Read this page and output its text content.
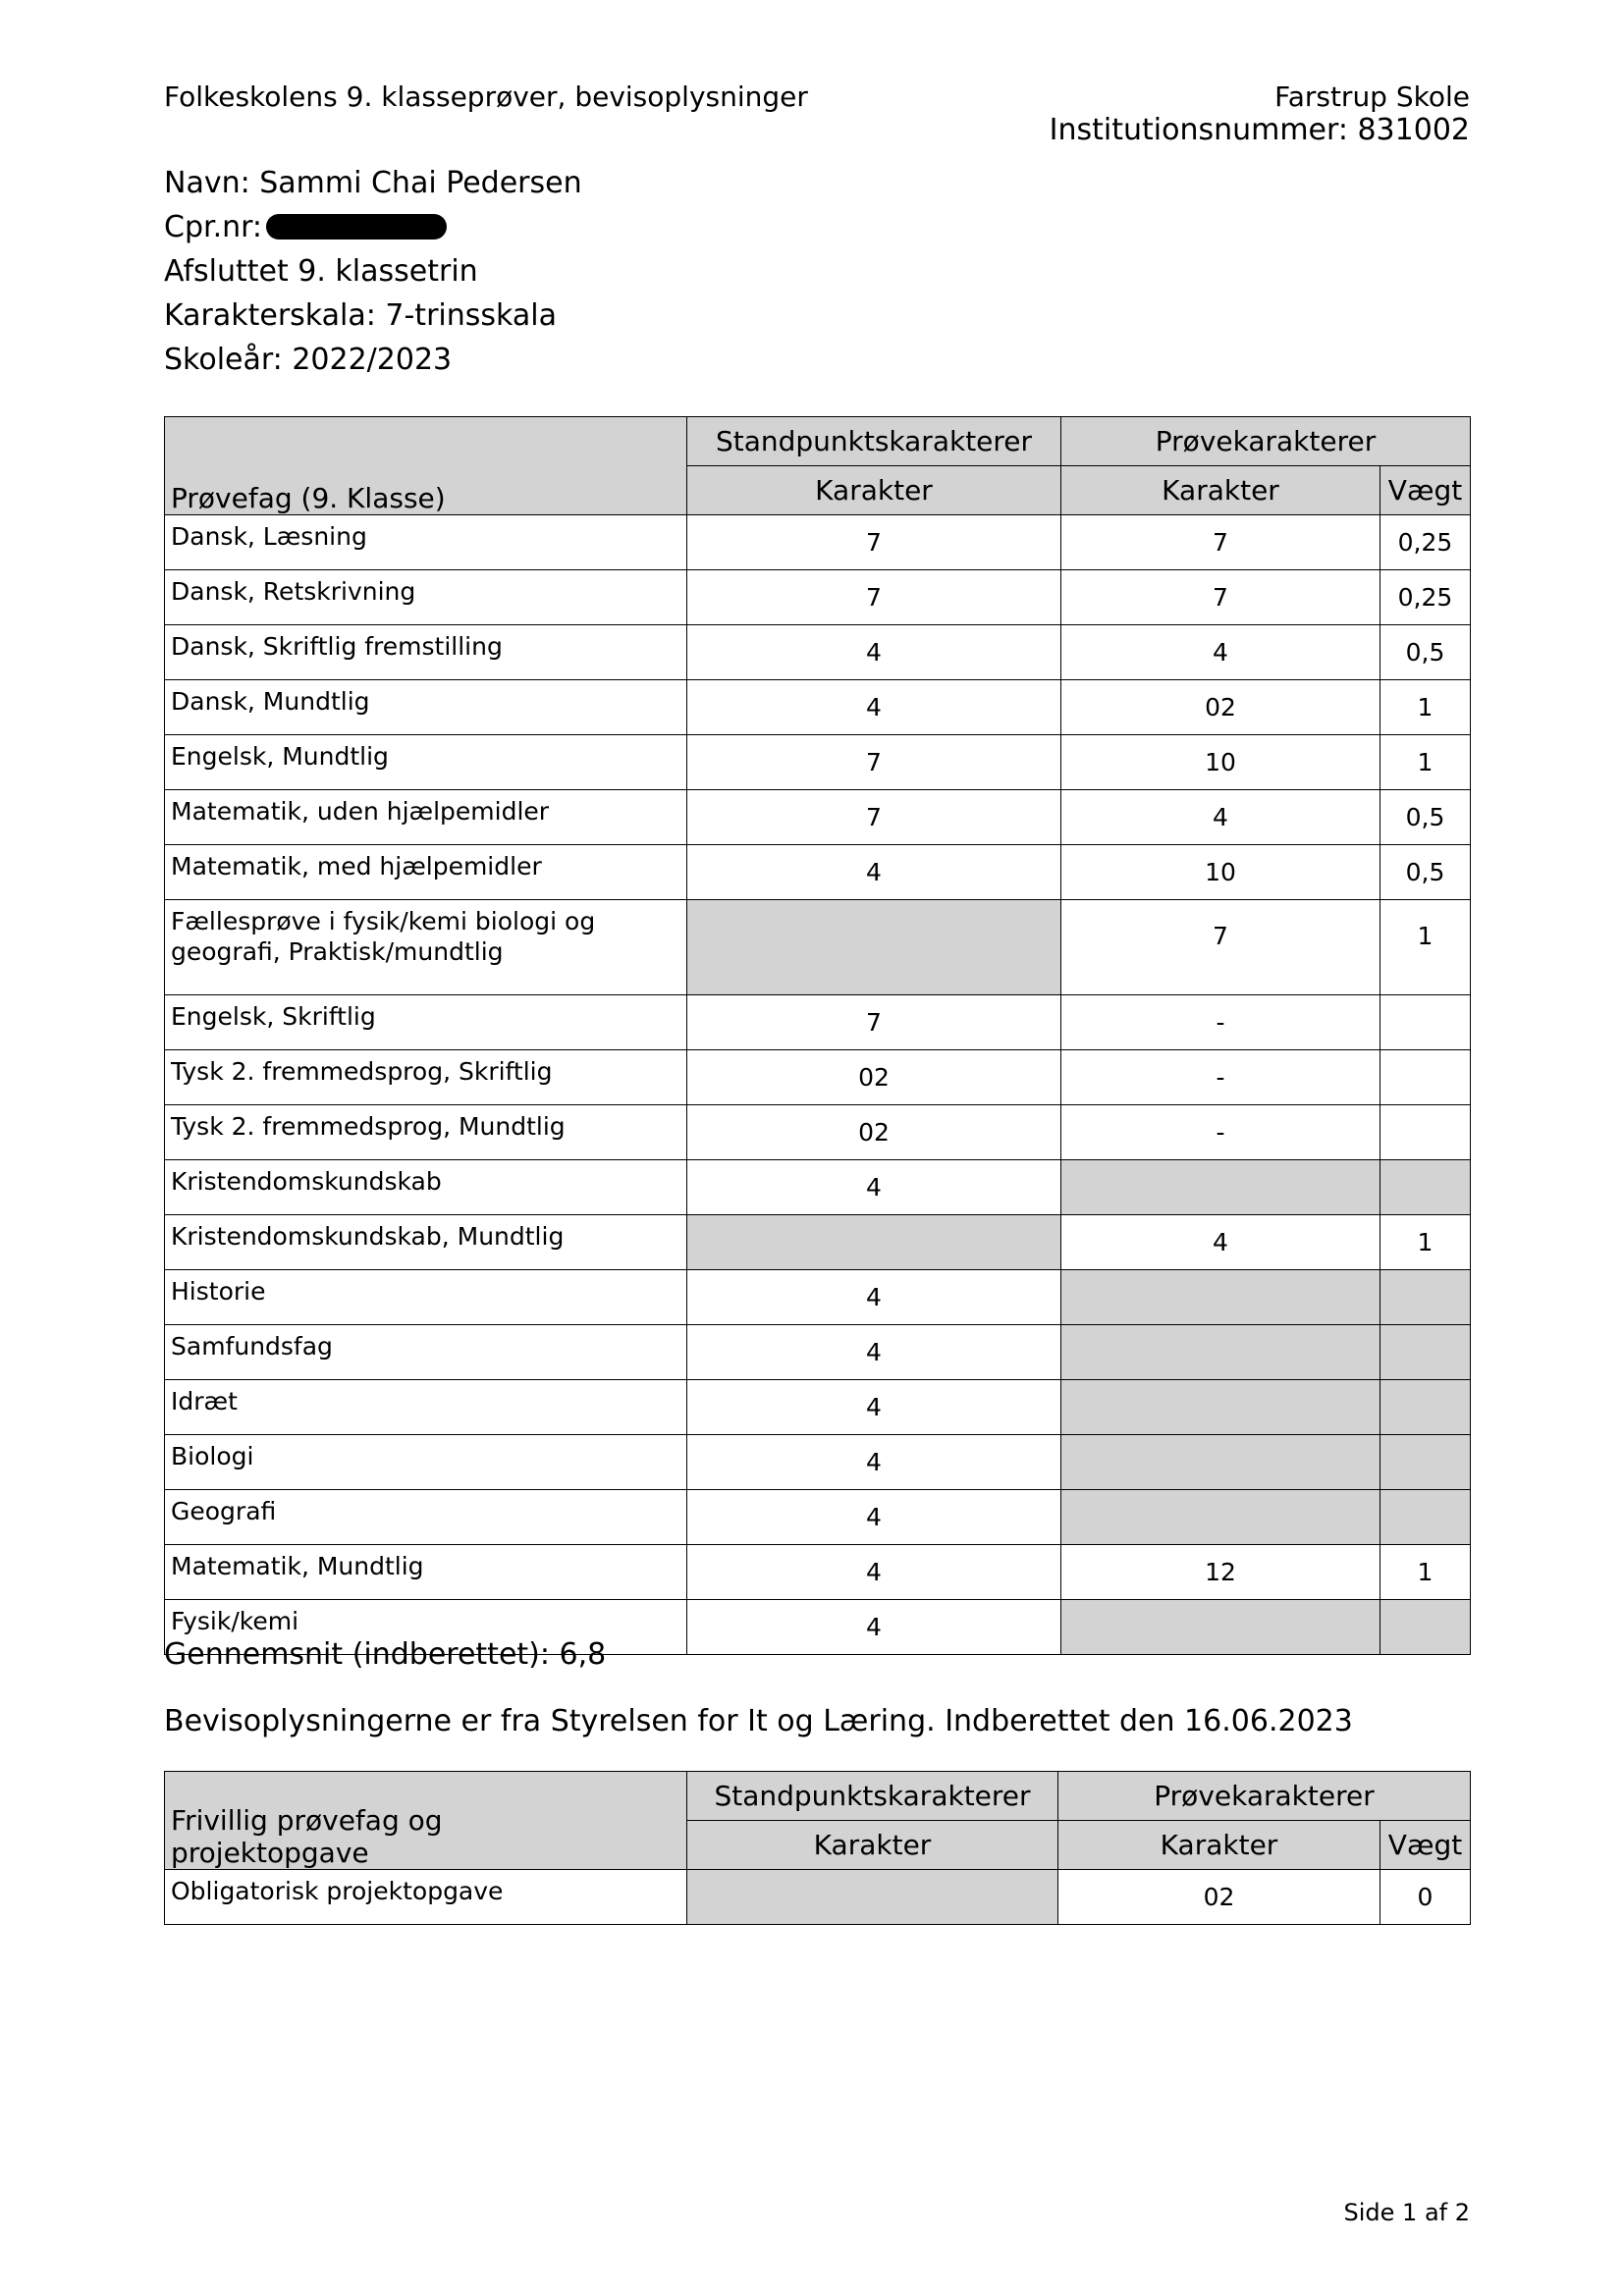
Folkeskolens 9. klasseprøver, bevisoplysninger	Farstrup Skole
Institutionsnummer: 831002
Navn: Sammi Chai Pedersen
Cpr.nr:
Afsluttet 9. klassetrin
Karakterskala: 7-trinsskala
Skoleår: 2022/2023
Prøvefag (9. Klasse)	Standpunktskarakterer	Prøvekarakterer	
	Karakter	Karakter	Vægt
Dansk, Læsning	7	7	0,25
Dansk, Retskrivning	7	7	0,25
Dansk, Skriftlig fremstilling	4	4	0,5
Dansk, Mundtlig	4	02	1
Engelsk, Mundtlig	7	10	1
Matematik, uden hjælpemidler	7	4	0,5
Matematik, med hjælpemidler	4	10	0,5
Fællesprøve i fysik/kemi biologi og
geografi, Praktisk/mundtlig		7	1
Engelsk, Skriftlig	7	-	
Tysk 2. fremmedsprog, Skriftlig	02	-	
Tysk 2. fremmedsprog, Mundtlig	02	-	
Kristendomskundskab	4		
Kristendomskundskab, Mundtlig		4	1
Historie	4		
Samfundsfag	4		
Idræt	4		
Biologi	4		
Geografi	4		
Matematik, Mundtlig	4	12	1
Fysik/kemi	4		
Gennemsnit (indberettet): 6,8
Bevisoplysningerne er fra Styrelsen for It og Læring. Indberettet den 16.06.2023
Frivillig prøvefag og
projektopgave	Standpunktskarakterer	Prøvekarakterer	
	Karakter	Karakter	Vægt
Obligatorisk projektopgave		02	0
Side 1 af 2
